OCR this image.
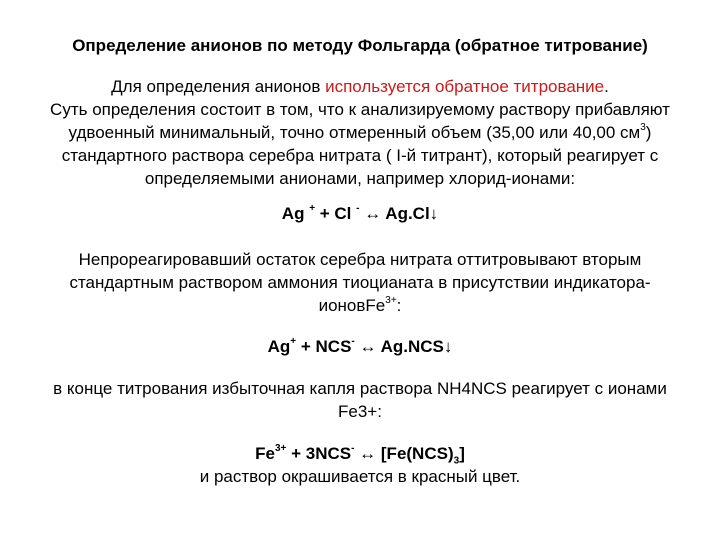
Определение анионов по методу Фольгарда (обратное титрование)
Для определения анионов используется обратное титрование.
Суть определения состоит в том, что к анализируемому раствору прибавляют удвоенный минимальный, точно отмеренный объем (35,00 или 40,00 $см^3$) стандартного раствора серебра нитрата ( I-й титрант), который реагирует с определяемыми анионами, например хлорид-ионами:
Ag + + Cl - ↔ Ag.Cl↓
Непрореагировавший остаток серебра нитрата оттитровывают вторым стандартным раствором аммония тиоцианата в присутствии индикатора-ионовFe$^{3+}$:
Ag+ + NCS- ↔ Ag.NCS↓
в конце титрования избыточная капля раствора NH4NCS реагирует с ионами Fe3+:
$Fe^{3+} + 3NCS^-$ ↔ $[Fe(NCS)_3]$
и раствор окрашивается в красный цвет.
